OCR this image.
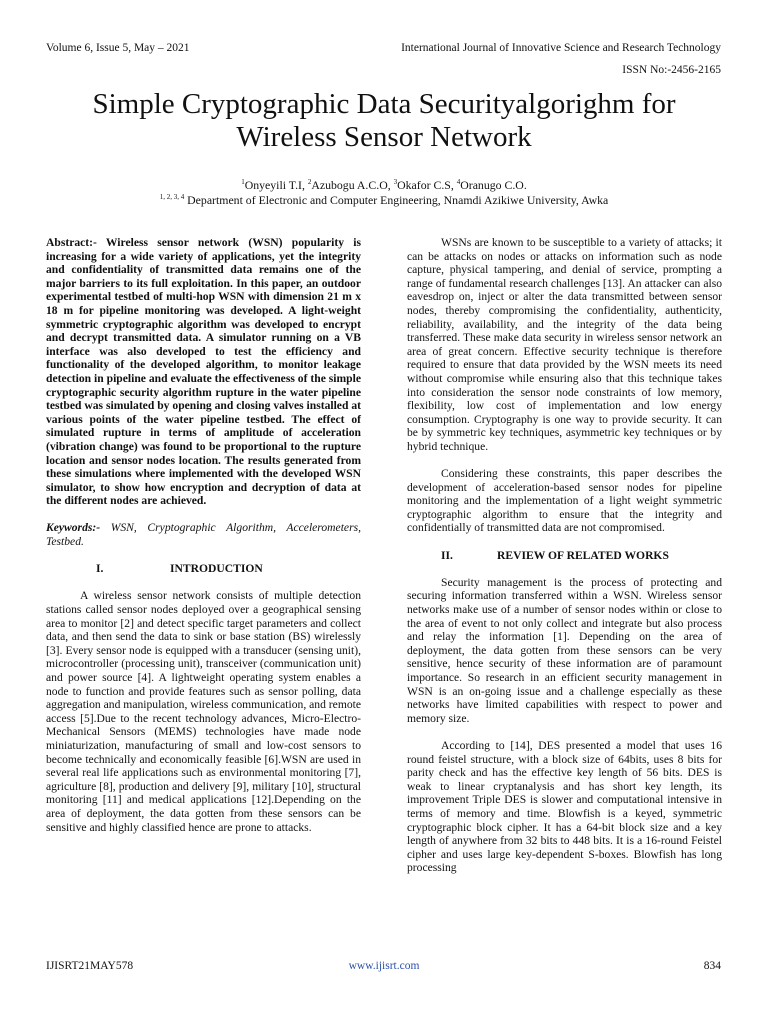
Volume 6, Issue 5, May – 2021	International Journal of Innovative Science and Research Technology
ISSN No:-2456-2165
Simple Cryptographic Data Securityalgorighm for
Wireless Sensor Network
$^1$Onyeyili T.I, $^2$Azubogu A.C.O, $^3$Okafor C.S, $^4$Oranugo C.O.
$^{1, 2, 3, 4}$ Department of Electronic and Computer Engineering, Nnamdi Azikiwe University, Awka

Abstract:- Wireless sensor network (WSN) popularity is increasing for a wide variety of applications, yet the integrity and confidentiality of transmitted data remains one of the major barriers to its full exploitation. In this paper, an outdoor experimental testbed of multi-hop WSN with dimension 21 m x 18 m for pipeline monitoring was developed. A light-weight symmetric cryptographic algorithm was developed to encrypt and decrypt transmitted data. A simulator running on a VB interface was also developed to test the efficiency and functionality of the developed algorithm, to monitor leakage detection in pipeline and evaluate the effectiveness of the simple cryptographic security algorithm rupture in the water pipeline testbed was simulated by opening and closing valves installed at various points of the water pipeline testbed. The effect of simulated rupture in terms of amplitude of acceleration (vibration change) was found to be proportional to the rupture location and sensor nodes location. The results generated from these simulations where implemented with the developed WSN simulator, to show how encryption and decryption of data at the different nodes are achieved.

Keywords:- WSN, Cryptographic Algorithm, Accelerometers, Testbed.

I.	INTRODUCTION

A wireless sensor network consists of multiple detection stations called sensor nodes deployed over a geographical sensing area to monitor [2] and detect specific target parameters and collect data, and then send the data to sink or base station (BS) wirelessly [3]. Every sensor node is equipped with a transducer (sensing unit), microcontroller (processing unit), transceiver (communication unit) and power source [4]. A lightweight operating system enables a node to function and provide features such as sensor polling, data aggregation and manipulation, wireless communication, and remote access [5].Due to the recent technology advances, Micro-Electro-Mechanical Sensors (MEMS) technologies have made node miniaturization, manufacturing of small and low-cost sensors to become technically and economically feasible [6].WSN are used in several real life applications such as environmental monitoring [7], agriculture [8], production and delivery [9], military [10], structural monitoring [11] and medical applications [12].Depending on the area of deployment, the data gotten from these sensors can be sensitive and highly classified hence are prone to attacks.

WSNs are known to be susceptible to a variety of attacks; it can be attacks on nodes or attacks on information such as node capture, physical tampering, and denial of service, prompting a range of fundamental research challenges [13]. An attacker can also eavesdrop on, inject or alter the data transmitted between sensor nodes, thereby compromising the confidentiality, authenticity, reliability, availability, and the integrity of the data being transferred. These make data security in wireless sensor network an area of great concern. Effective security technique is therefore required to ensure that data provided by the WSN meets its need without compromise while ensuring also that this technique takes into consideration the sensor node constraints of low memory, flexibility, low cost of implementation and low energy consumption. Cryptography is one way to provide security. It can be by symmetric key techniques, asymmetric key techniques or by hybrid technique.

Considering these constraints, this paper describes the development of acceleration-based sensor nodes for pipeline monitoring and the implementation of a light weight symmetric cryptographic algorithm to ensure that the integrity and confidentially of transmitted data are not compromised.

II.	REVIEW OF RELATED WORKS

Security management is the process of protecting and securing information transferred within a WSN. Wireless sensor networks make use of a number of sensor nodes within or close to the area of event to not only collect and integrate but also process and relay the information [1]. Depending on the area of deployment, the data gotten from these sensors can be very sensitive, hence security of these information are of paramount importance. So research in an efficient security management in WSN is an on-going issue and a challenge especially as these networks have limited capabilities with respect to power and memory size.

According to [14], DES presented a model that uses 16 round feistel structure, with a block size of 64bits, uses 8 bits for parity check and has the effective key length of 56 bits. DES is weak to linear cryptanalysis and has short key length, its improvement Triple DES is slower and computational intensive in terms of memory and time. Blowfish is a keyed, symmetric cryptographic block cipher. It has a 64-bit block size and a key length of anywhere from 32 bits to 448 bits. It is a 16-round Feistel cipher and uses large key-dependent S-boxes. Blowfish has long processing

IJISRT21MAY578	www.ijisrt.com	834
